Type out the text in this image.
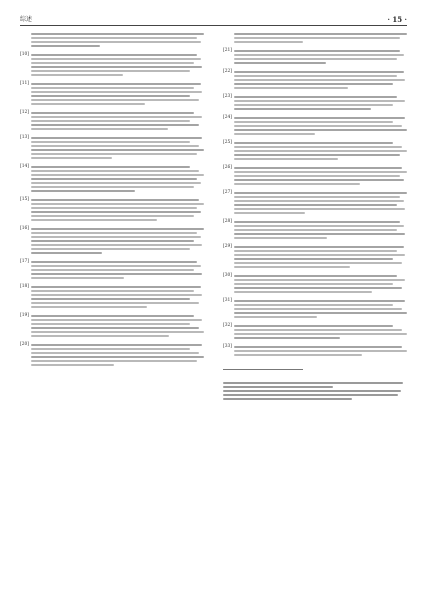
综述	· 15 ·
[10]
[11]
[12]
[13]
[14]
[15]
[16]
[17]
[18]
[19]
[20]
[21]
[22]
[23]
[24]
[25]
[26]
[27]
[28]
[29]
[30]
[31]
[32]
[33]
